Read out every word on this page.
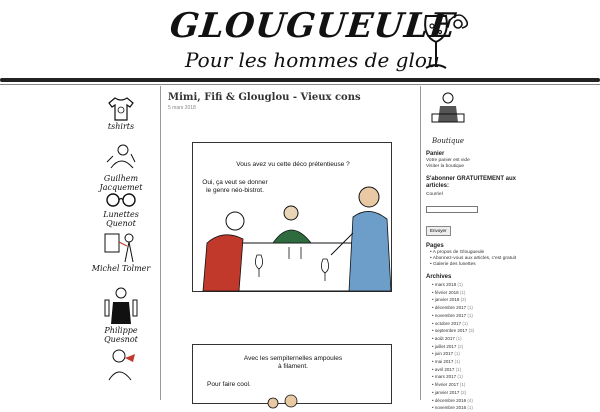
GLOUGUEULE
Pour les hommes de glou
tshirts
Guilhem Jacquemet
Lunettes Quenot
Michel Tolmer
Philippe Quesnot
Mimi, Fifi & Glouglou - Vieux cons
5 mars 2018
Vous avez vu cette déco prétentieuse ?
Oui, ça veut se donner le genre néo-bistrot.
Avec les sempiternelles ampoules à filament.
Pour faire cool.
Boutique
Panier
Votre panier est vide
Visiter la boutique
S'abonner GRATUITEMENT aux articles:
Courriel
Envoyer
Pages
• A propos de Glougueule
• Abonnez-vous aux articles, c'est gratuit
• Galerie des lunettes
Archives
• mars 2018 (1)
• février 2018 (1)
• janvier 2018 (2)
• décembre 2017 (1)
• novembre 2017 (1)
• octobre 2017 (1)
• septembre 2017 (3)
• août 2017 (1)
• juillet 2017 (2)
• juin 2017 (1)
• mai 2017 (1)
• avril 2017 (1)
• mars 2017 (1)
• février 2017 (1)
• janvier 2017 (2)
• décembre 2016 (4)
• novembre 2016 (1)
